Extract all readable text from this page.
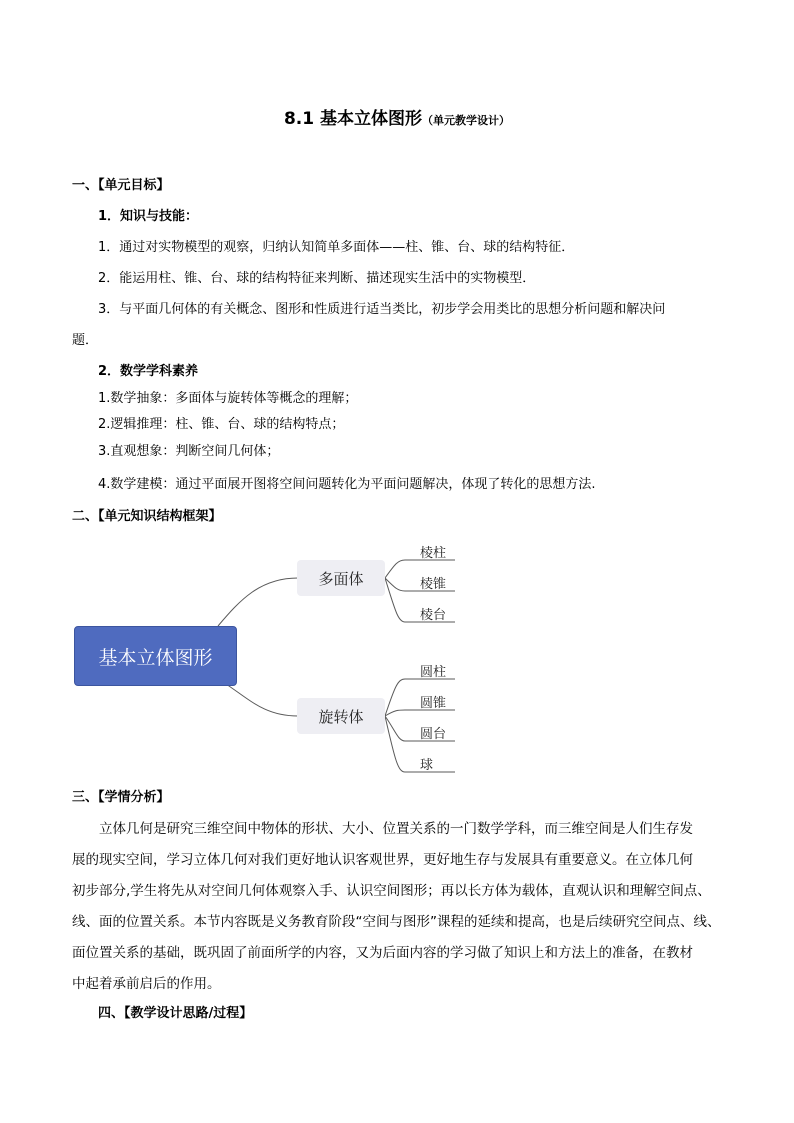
8.1 基本立体图形（单元教学设计）
一、【单元目标】
1．知识与技能：
1．通过对实物模型的观察，归纳认知简单多面体——柱、锥、台、球的结构特征．
2．能运用柱、锥、台、球的结构特征来判断、描述现实生活中的实物模型．
3．与平面几何体的有关概念、图形和性质进行适当类比，初步学会用类比的思想分析问题和解决问
题．
2．数学学科素养
1.数学抽象：多面体与旋转体等概念的理解；
2.逻辑推理：柱、锥、台、球的结构特点；
3.直观想象：判断空间几何体；
4.数学建模：通过平面展开图将空间问题转化为平面问题解决，体现了转化的思想方法.
二、【单元知识结构框架】
基本立体图形
多面体
旋转体
棱柱
棱锥
棱台
圆柱
圆锥
圆台
球
三、【学情分析】
立体几何是研究三维空间中物体的形状、大小、位置关系的一门数学学科，而三维空间是人们生存发
展的现实空间，学习立体几何对我们更好地认识客观世界，更好地生存与发展具有重要意义。在立体几何
初步部分,学生将先从对空间几何体观察入手、认识空间图形；再以长方体为载体，直观认识和理解空间点、
线、面的位置关系。本节内容既是义务教育阶段“空间与图形”课程的延续和提高，也是后续研究空间点、线、
面位置关系的基础，既巩固了前面所学的内容，又为后面内容的学习做了知识上和方法上的准备，在教材
中起着承前启后的作用。
四、【教学设计思路/过程】
